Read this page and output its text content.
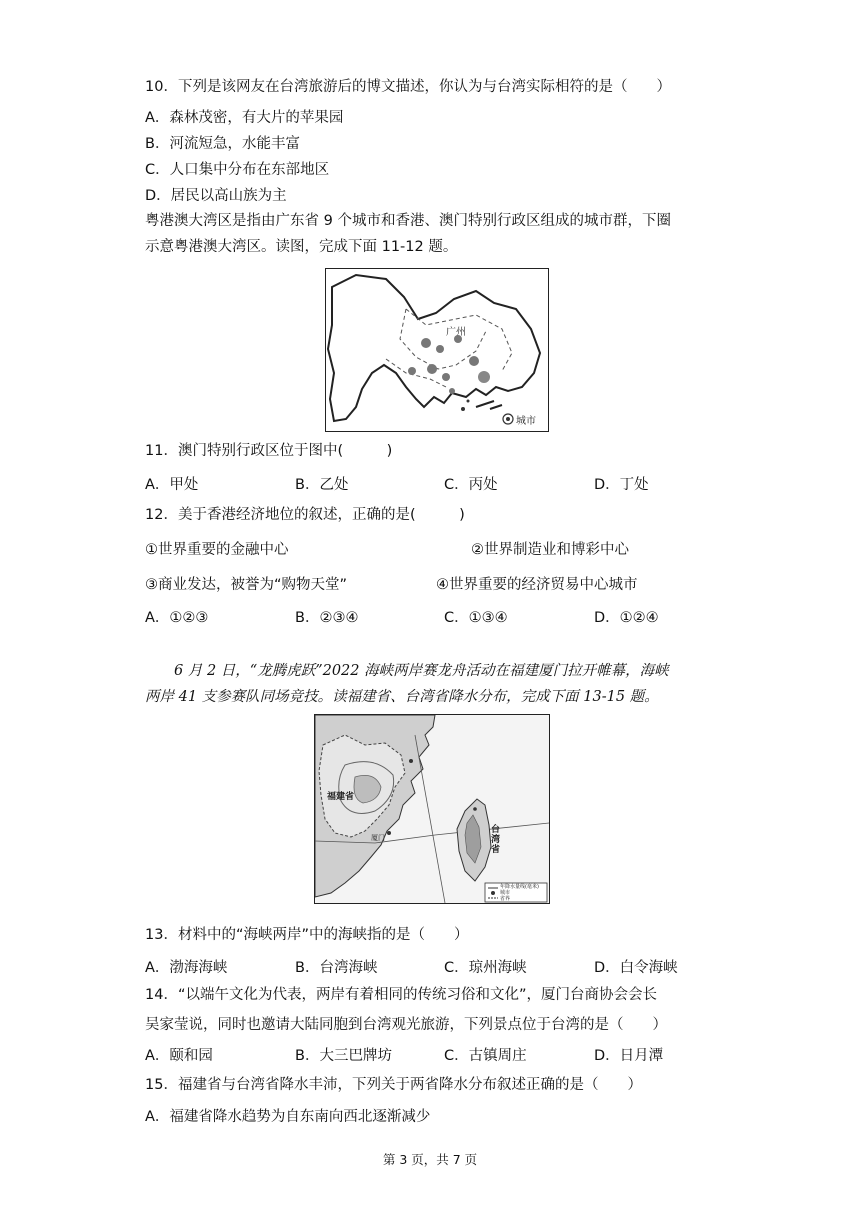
10．下列是该网友在台湾旅游后的博文描述，你认为与台湾实际相符的是（　　）
A．森林茂密，有大片的苹果园
B．河流短急，水能丰富
C．人口集中分布在东部地区
D．居民以高山族为主
粤港澳大湾区是指由广东省 9 个城市和香港、澳门特别行政区组成的城市群，下圈
示意粤港澳大湾区。读图，完成下面 11-12 题。
广州
城市
11．澳门特别行政区位于图中(　　　)
A．甲处	B．乙处	C．丙处	D．丁处
12．美于香港经济地位的叙述，正确的是(　　　)
①世界重要的金融中心	②世界制造业和博彩中心
③商业发达，被誉为“购物天堂”	④世界重要的经济贸易中心城市
A．①②③	B．②③④	C．①③④	D．①②④
6 月 2 日，“龙腾虎跃”2022 海峡两岸赛龙舟活动在福建厦门拉开帷幕，海峡
两岸 41 支参赛队同场竞技。读福建省、台湾省降水分布，完成下面 13-15 题。
福建省
台湾省
厦门
年降水量线(毫米)
城市
省界
13．材料中的“海峡两岸”中的海峡指的是（　　）
A．渤海海峡	B．台湾海峡	C．琼州海峡	D．白令海峡
14．“以端午文化为代表，两岸有着相同的传统习俗和文化”，厦门台商协会会长
吴家莹说，同时也邀请大陆同胞到台湾观光旅游，下列景点位于台湾的是（　　）
A．颐和园	B．大三巴牌坊	C．古镇周庄	D．日月潭
15．福建省与台湾省降水丰沛，下列关于两省降水分布叙述正确的是（　　）
A．福建省降水趋势为自东南向西北逐渐减少
第 3 页，共 7 页
